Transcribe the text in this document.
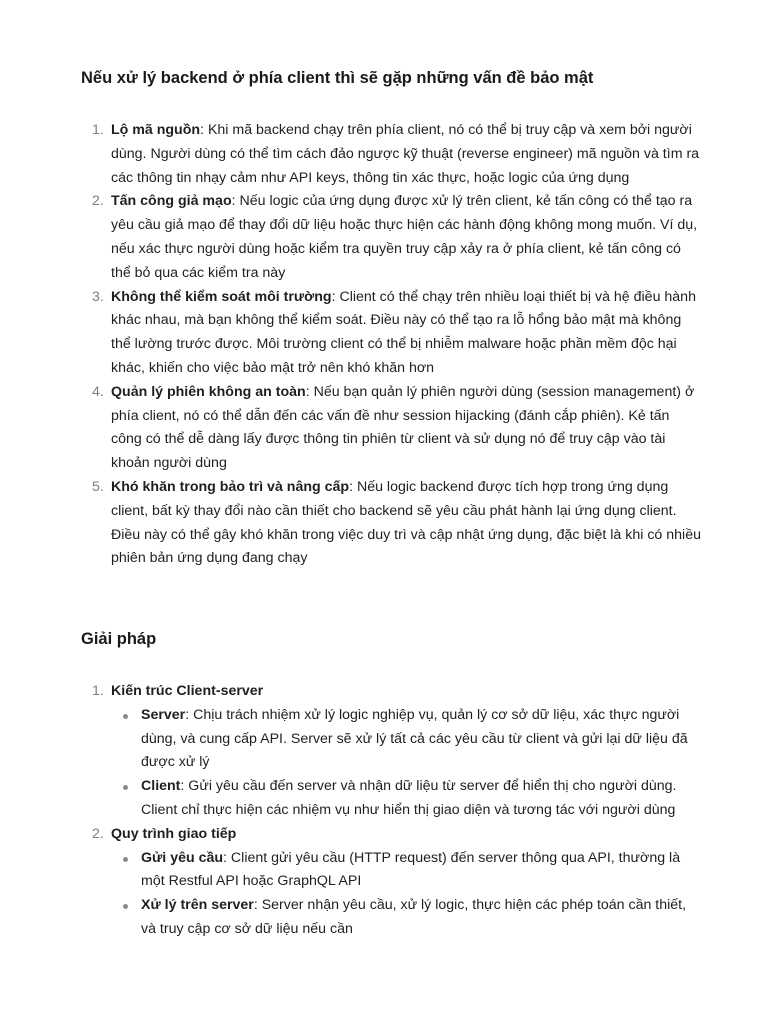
Nếu xử lý backend ở phía client thì sẽ gặp những vấn đề bảo mật
Lộ mã nguồn: Khi mã backend chạy trên phía client, nó có thể bị truy cập và xem bởi người dùng. Người dùng có thể tìm cách đảo ngược kỹ thuật (reverse engineer) mã nguồn và tìm ra các thông tin nhạy cảm như API keys, thông tin xác thực, hoặc logic của ứng dụng
Tấn công giả mạo: Nếu logic của ứng dụng được xử lý trên client, kẻ tấn công có thể tạo ra yêu cầu giả mạo để thay đổi dữ liệu hoặc thực hiện các hành động không mong muốn. Ví dụ, nếu xác thực người dùng hoặc kiểm tra quyền truy cập xảy ra ở phía client, kẻ tấn công có thể bỏ qua các kiểm tra này
Không thể kiểm soát môi trường: Client có thể chạy trên nhiều loại thiết bị và hệ điều hành khác nhau, mà bạn không thể kiểm soát. Điều này có thể tạo ra lỗ hổng bảo mật mà không thể lường trước được. Môi trường client có thể bị nhiễm malware hoặc phần mềm độc hại khác, khiến cho việc bảo mật trở nên khó khăn hơn
Quản lý phiên không an toàn: Nếu bạn quản lý phiên người dùng (session management) ở phía client, nó có thể dẫn đến các vấn đề như session hijacking (đánh cắp phiên). Kẻ tấn công có thể dễ dàng lấy được thông tin phiên từ client và sử dụng nó để truy cập vào tài khoản người dùng
Khó khăn trong bảo trì và nâng cấp: Nếu logic backend được tích hợp trong ứng dụng client, bất kỳ thay đổi nào cần thiết cho backend sẽ yêu cầu phát hành lại ứng dụng client. Điều này có thể gây khó khăn trong việc duy trì và cập nhật ứng dụng, đặc biệt là khi có nhiều phiên bản ứng dụng đang chạy
Giải pháp
Kiến trúc Client-server
Server: Chịu trách nhiệm xử lý logic nghiệp vụ, quản lý cơ sở dữ liệu, xác thực người dùng, và cung cấp API. Server sẽ xử lý tất cả các yêu cầu từ client và gửi lại dữ liệu đã được xử lý
Client: Gửi yêu cầu đến server và nhận dữ liệu từ server để hiển thị cho người dùng. Client chỉ thực hiện các nhiệm vụ như hiển thị giao diện và tương tác với người dùng
Quy trình giao tiếp
Gửi yêu cầu: Client gửi yêu cầu (HTTP request) đến server thông qua API, thường là một Restful API hoặc GraphQL API
Xử lý trên server: Server nhận yêu cầu, xử lý logic, thực hiện các phép toán cần thiết, và truy cập cơ sở dữ liệu nếu cần
